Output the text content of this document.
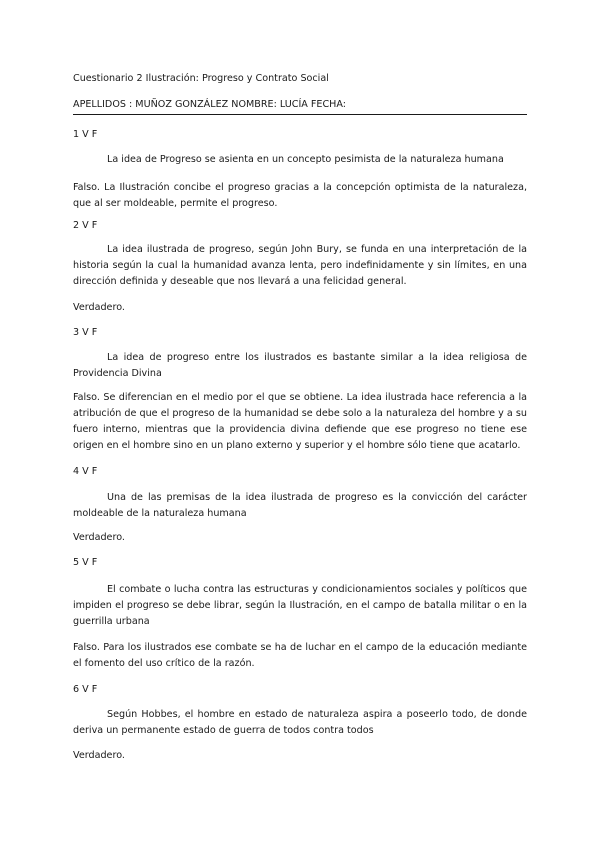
Cuestionario 2 Ilustración: Progreso y Contrato Social
APELLIDOS : MUÑOZ GONZÁLEZ NOMBRE: LUCÍA FECHA:
1 V F
La idea de Progreso se asienta en un concepto pesimista de la naturaleza humana
Falso. La Ilustración concibe el progreso gracias a la concepción optimista de la naturaleza, que al ser moldeable, permite el progreso.
2 V F
La idea ilustrada de progreso, según John Bury, se funda en una interpretación de la historia según la cual la humanidad avanza lenta, pero indefinidamente y sin límites, en una dirección definida y deseable que nos llevará a una felicidad general.
Verdadero.
3 V F
La idea de progreso entre los ilustrados es bastante similar a la idea religiosa de Providencia Divina
Falso. Se diferencian en el medio por el que se obtiene. La idea ilustrada hace referencia a la atribución de que el progreso de la humanidad se debe solo a la naturaleza del hombre y a su fuero interno, mientras que la providencia divina defiende que ese progreso no tiene ese origen en el hombre sino en un plano externo y superior y el hombre sólo tiene que acatarlo.
4 V F
Una de las premisas de la idea ilustrada de progreso es la convicción del carácter moldeable de la naturaleza humana
Verdadero.
5 V F
El combate o lucha contra las estructuras y condicionamientos sociales y políticos que impiden el progreso se debe librar, según la Ilustración, en el campo de batalla militar o en la guerrilla urbana
Falso. Para los ilustrados ese combate se ha de luchar en el campo de la educación mediante el fomento del uso crítico de la razón.
6 V F
Según Hobbes, el hombre en estado de naturaleza aspira a poseerlo todo, de donde deriva un permanente estado de guerra de todos contra todos
Verdadero.
